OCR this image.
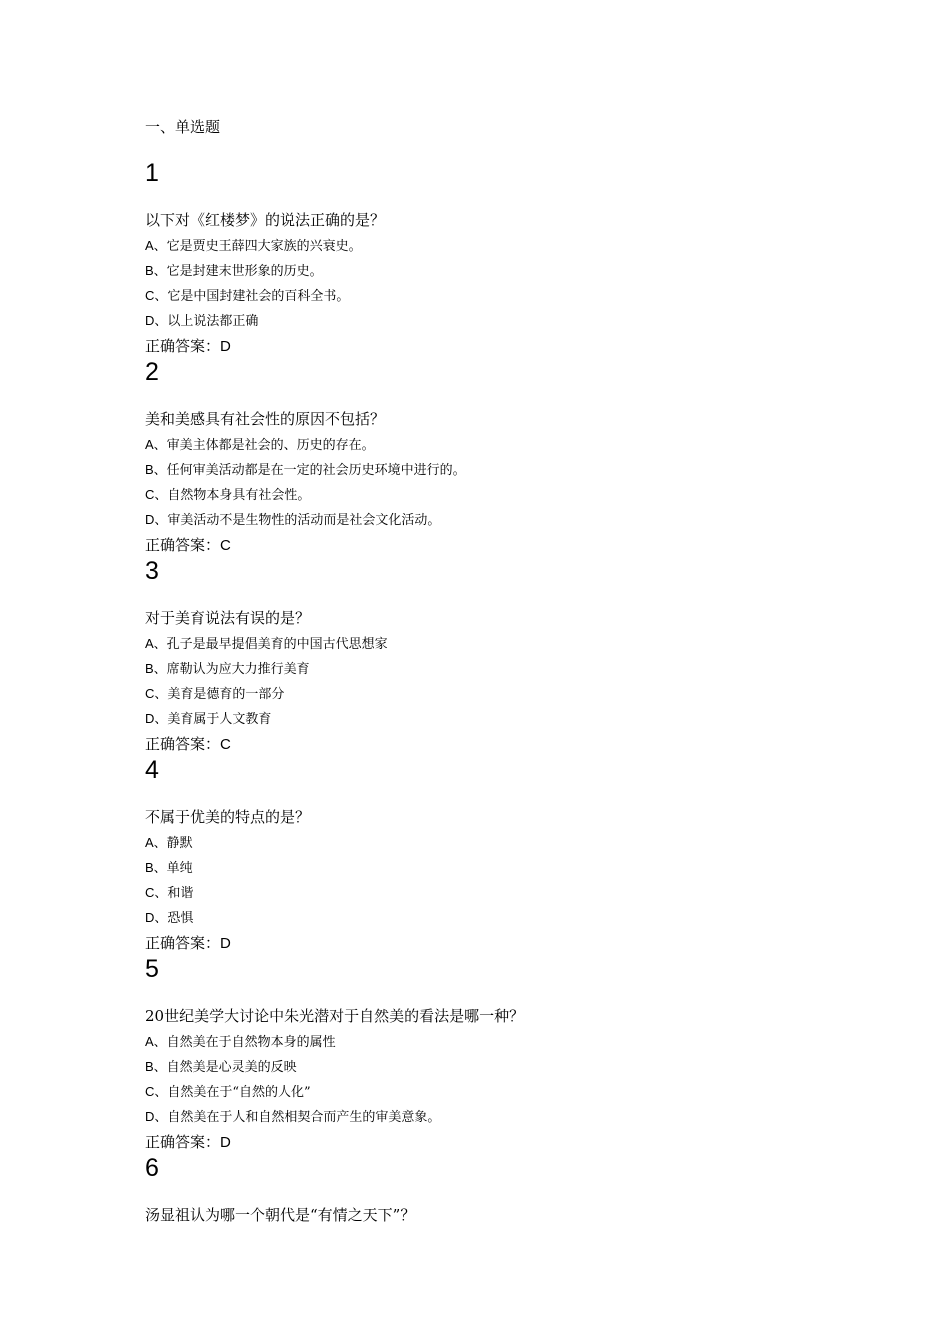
一、单选题
1
以下对《红楼梦》的说法正确的是？
A、它是贾史王薛四大家族的兴衰史。
B、它是封建末世形象的历史。
C、它是中国封建社会的百科全书。
D、以上说法都正确
正确答案：D
2
美和美感具有社会性的原因不包括？
A、审美主体都是社会的、历史的存在。
B、任何审美活动都是在一定的社会历史环境中进行的。
C、自然物本身具有社会性。
D、审美活动不是生物性的活动而是社会文化活动。
正确答案：C
3
对于美育说法有误的是？
A、孔子是最早提倡美育的中国古代思想家
B、席勒认为应大力推行美育
C、美育是德育的一部分
D、美育属于人文教育
正确答案：C
4
不属于优美的特点的是？
A、静默
B、单纯
C、和谐
D、恐惧
正确答案：D
5
20世纪美学大讨论中朱光潜对于自然美的看法是哪一种？
A、自然美在于自然物本身的属性
B、自然美是心灵美的反映
C、自然美在于“自然的人化”
D、自然美在于人和自然相契合而产生的审美意象。
正确答案：D
6
汤显祖认为哪一个朝代是“有情之天下”？
